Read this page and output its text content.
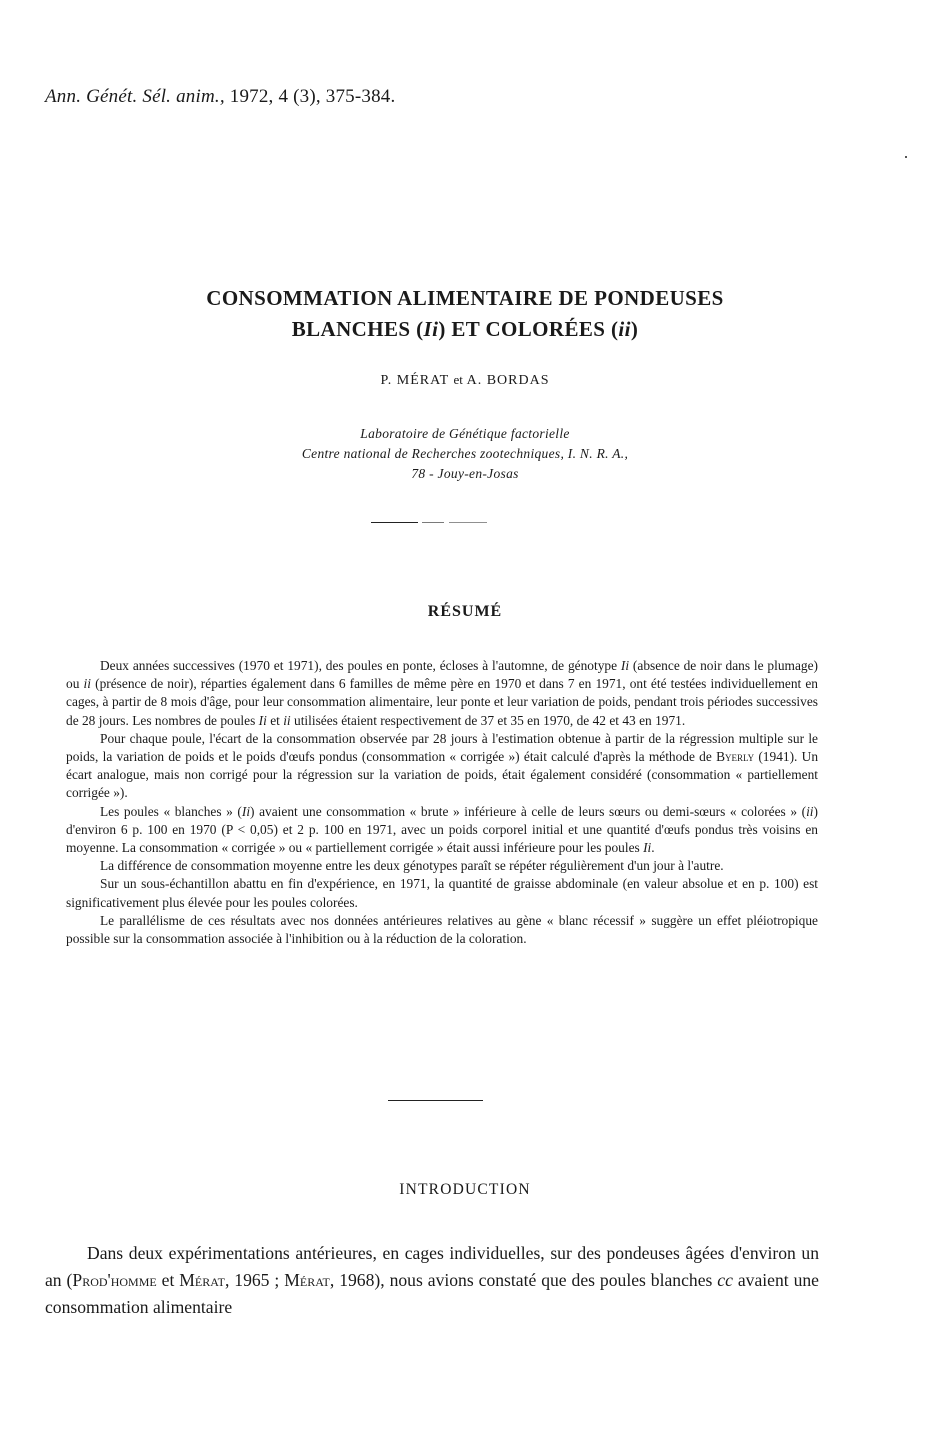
Ann. Génét. Sél. anim., 1972, 4 (3), 375-384.
CONSOMMATION ALIMENTAIRE DE PONDEUSES
BLANCHES (Ii) ET COLORÉES (ii)
P. MÉRAT et A. BORDAS
Laboratoire de Génétique factorielle
Centre national de Recherches zootechniques, I. N. R. A.,
78 - Jouy-en-Josas
RÉSUMÉ

Deux années successives (1970 et 1971), des poules en ponte, écloses à l'automne, de génotype Ii (absence de noir dans le plumage) ou ii (présence de noir), réparties également dans 6 familles de même père en 1970 et dans 7 en 1971, ont été testées individuellement en cages, à partir de 8 mois d'âge, pour leur consommation alimentaire, leur ponte et leur variation de poids, pendant trois périodes successives de 28 jours. Les nombres de poules Ii et ii utilisées étaient respectivement de 37 et 35 en 1970, de 42 et 43 en 1971.

Pour chaque poule, l'écart de la consommation observée par 28 jours à l'estimation obtenue à partir de la régression multiple sur le poids, la variation de poids et le poids d'œufs pondus (consommation « corrigée ») était calculé d'après la méthode de Byerly (1941). Un écart analogue, mais non corrigé pour la régression sur la variation de poids, était également considéré (consommation « partiellement corrigée »).

Les poules « blanches » (Ii) avaient une consommation « brute » inférieure à celle de leurs sœurs ou demi-sœurs « colorées » (ii) d'environ 6 p. 100 en 1970 (P < 0,05) et 2 p. 100 en 1971, avec un poids corporel initial et une quantité d'œufs pondus très voisins en moyenne. La consommation « corrigée » ou « partiellement corrigée » était aussi inférieure pour les poules Ii.

La différence de consommation moyenne entre les deux génotypes paraît se répéter régulièrement d'un jour à l'autre.

Sur un sous-échantillon abattu en fin d'expérience, en 1971, la quantité de graisse abdominale (en valeur absolue et en p. 100) est significativement plus élevée pour les poules colorées.

Le parallélisme de ces résultats avec nos données antérieures relatives au gène « blanc récessif » suggère un effet pléiotropique possible sur la consommation associée à l'inhibition ou à la réduction de la coloration.

INTRODUCTION

Dans deux expérimentations antérieures, en cages individuelles, sur des pondeuses âgées d'environ un an (Prod'homme et Mérat, 1965 ; Mérat, 1968), nous avions constaté que des poules blanches cc avaient une consommation alimentaire
